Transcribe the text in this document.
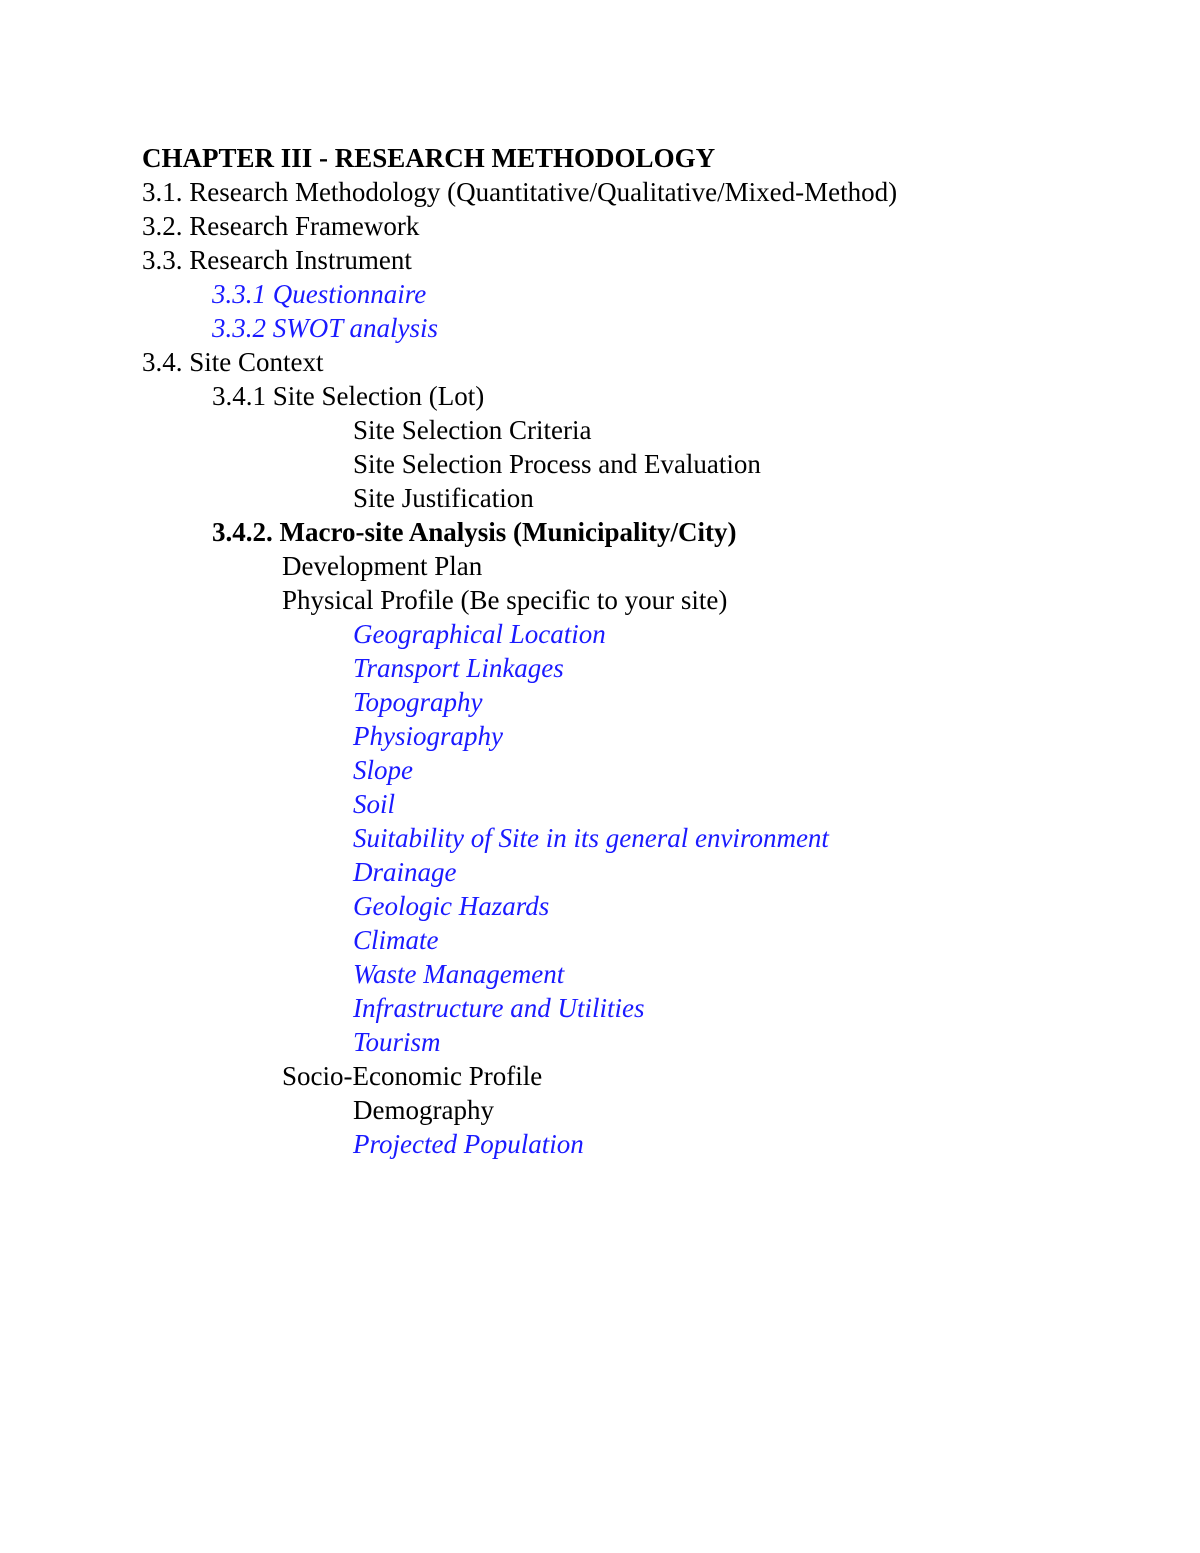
CHAPTER III - RESEARCH METHODOLOGY
3.1. Research Methodology (Quantitative/Qualitative/Mixed-Method)
3.2. Research Framework
3.3. Research Instrument
3.3.1 Questionnaire
3.3.2 SWOT analysis
3.4. Site Context
3.4.1 Site Selection (Lot)
Site Selection Criteria
Site Selection Process and Evaluation
Site Justification
3.4.2. Macro-site Analysis (Municipality/City)
Development Plan
Physical Profile (Be specific to your site)
Geographical Location
Transport Linkages
Topography
Physiography
Slope
Soil
Suitability of Site in its general environment
Drainage
Geologic Hazards
Climate
Waste Management
Infrastructure and Utilities
Tourism
Socio-Economic Profile
Demography
Projected Population
